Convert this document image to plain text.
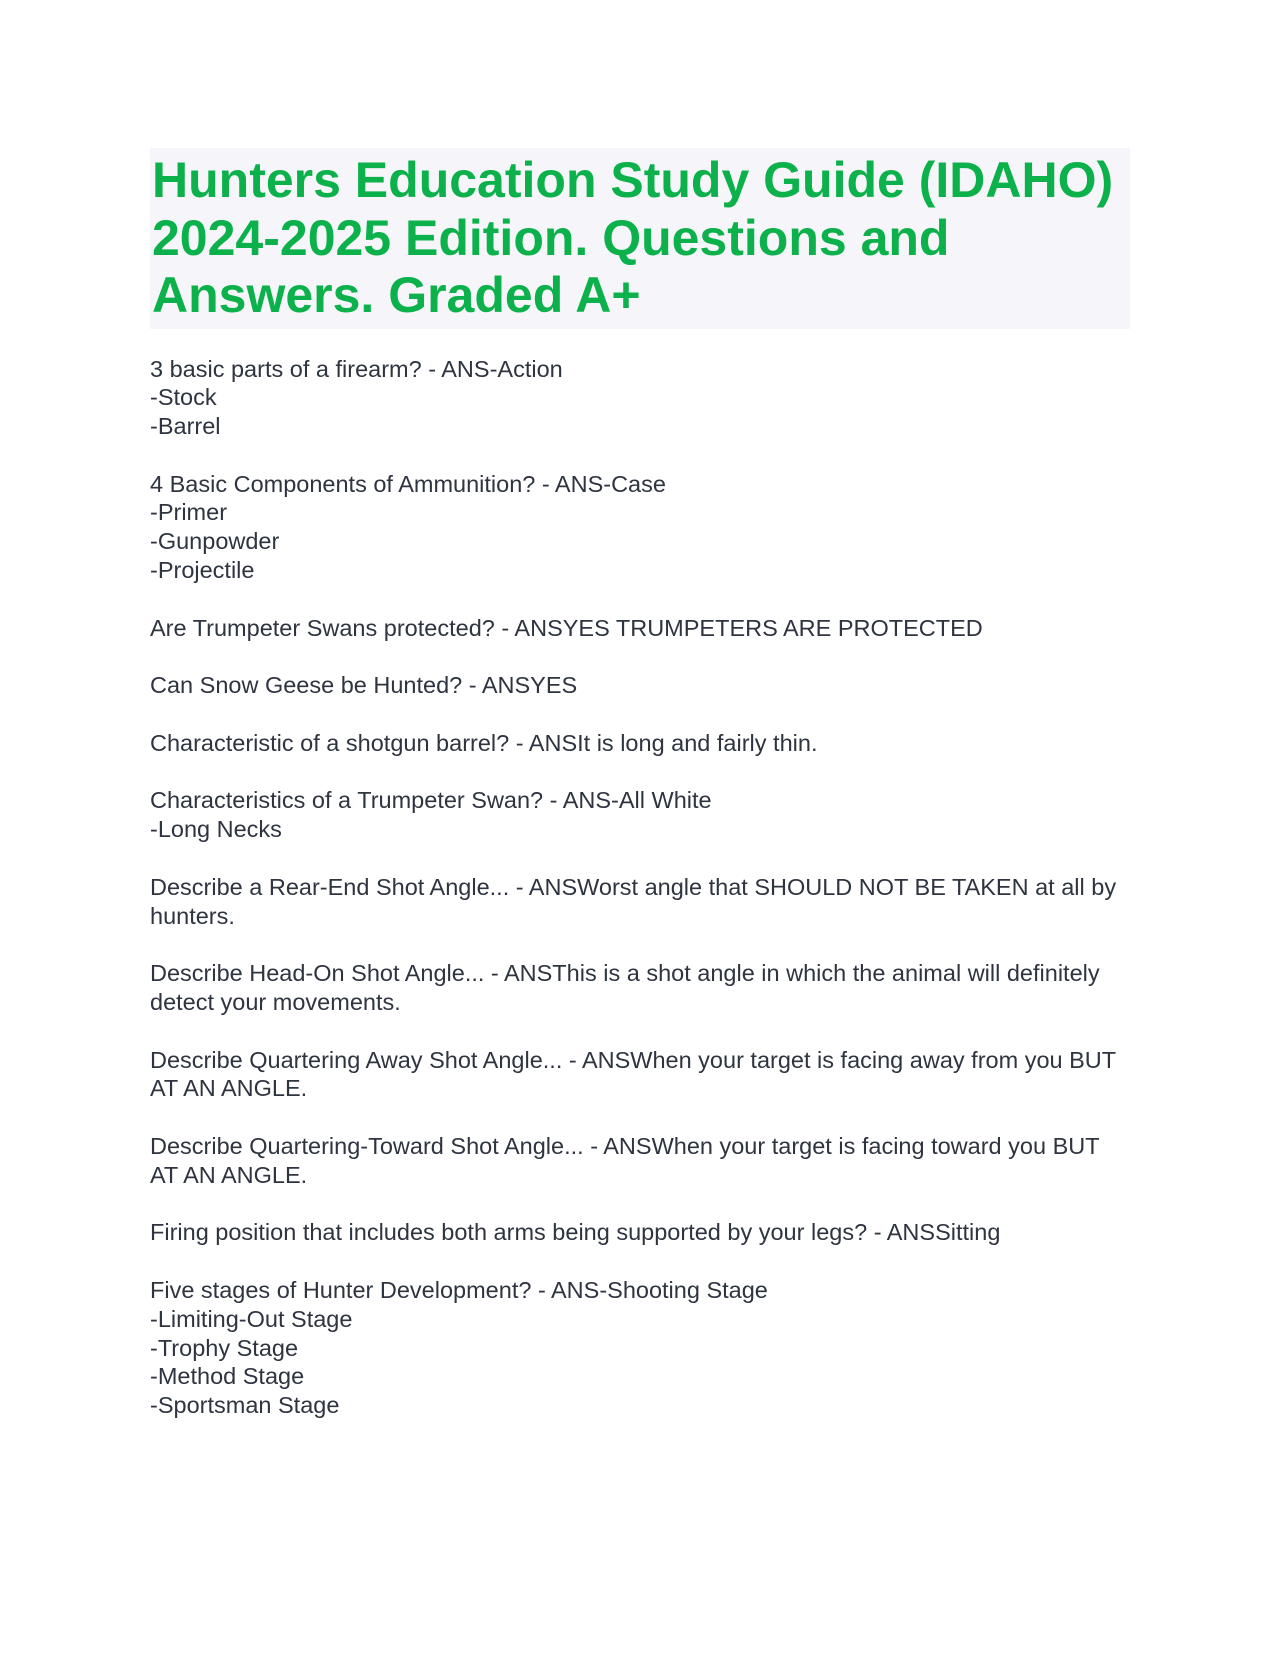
Hunters Education Study Guide (IDAHO) 2024-2025 Edition. Questions and Answers. Graded A+
3 basic parts of a firearm? - ANS-Action
-Stock
-Barrel
4 Basic Components of Ammunition? - ANS-Case
-Primer
-Gunpowder
-Projectile
Are Trumpeter Swans protected? - ANSYES TRUMPETERS ARE PROTECTED
Can Snow Geese be Hunted? - ANSYES
Characteristic of a shotgun barrel? - ANSIt is long and fairly thin.
Characteristics of a Trumpeter Swan? - ANS-All White
-Long Necks
Describe a Rear-End Shot Angle... - ANSWorst angle that SHOULD NOT BE TAKEN at all by hunters.
Describe Head-On Shot Angle... - ANSThis is a shot angle in which the animal will definitely detect your movements.
Describe Quartering Away Shot Angle... - ANSWhen your target is facing away from you BUT AT AN ANGLE.
Describe Quartering-Toward Shot Angle... - ANSWhen your target is facing toward you BUT AT AN ANGLE.
Firing position that includes both arms being supported by your legs? - ANSSitting
Five stages of Hunter Development? - ANS-Shooting Stage
-Limiting-Out Stage
-Trophy Stage
-Method Stage
-Sportsman Stage
